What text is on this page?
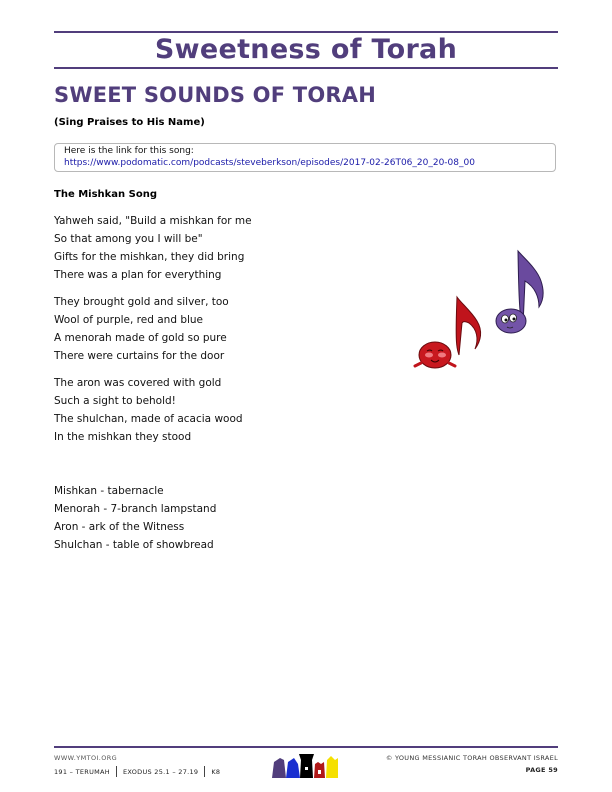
Sweetness of Torah
SWEET SOUNDS OF TORAH
(Sing Praises to His Name)
Here is the link for this song:
https://www.podomatic.com/podcasts/steveberkson/episodes/2017-02-26T06_20_20-08_00
The Mishkan Song
Yahweh said, "Build a mishkan for me
So that among you I will be"
Gifts for the mishkan, they did bring
There was a plan for everything
They brought gold and silver, too
Wool of purple, red and blue
A menorah made of gold so pure
There were curtains for the door
The aron was covered with gold
Such a sight to behold!
The shulchan, made of acacia wood
In the mishkan they stood
Mishkan - tabernacle
Menorah - 7-branch lampstand
Aron - ark of the Witness
Shulchan - table of showbread
WWW.YMTOI.ORG
191 – TERUMAH EXODUS 25.1 – 27.19 K8
© YOUNG MESSIANIC TORAH OBSERVANT ISRAEL
PAGE 59
